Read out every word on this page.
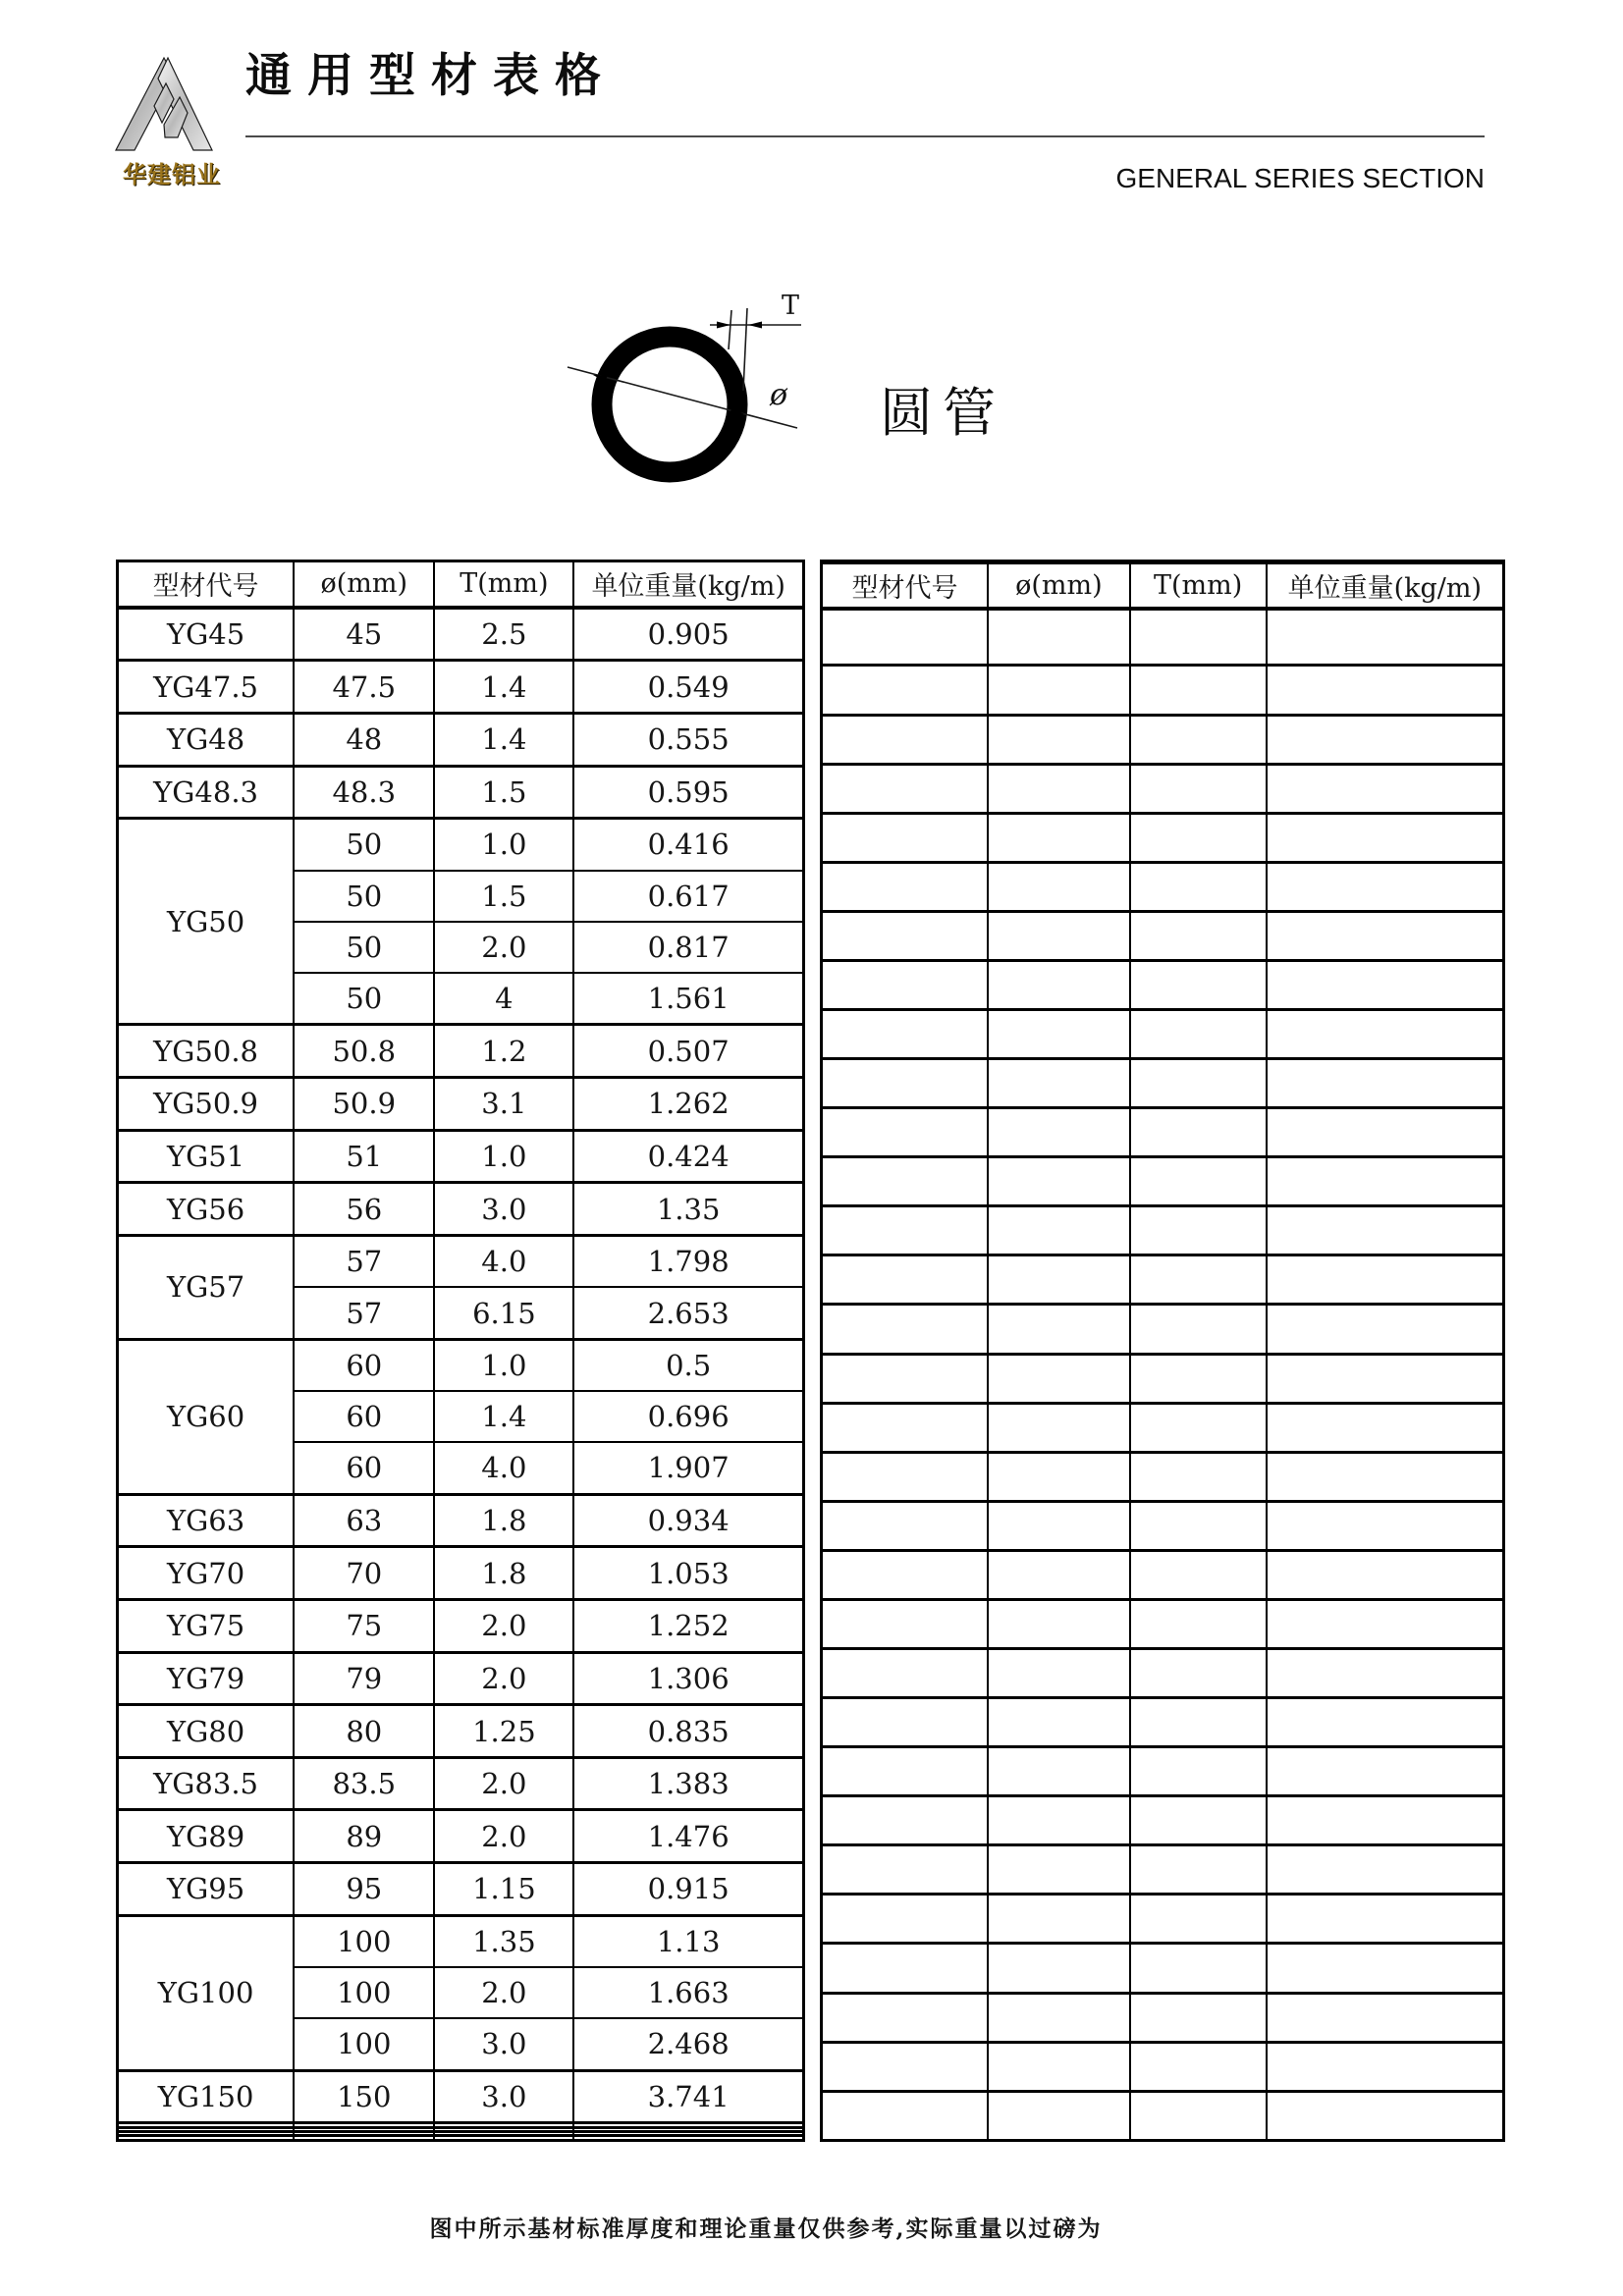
华建铝业
通用型材表格
GENERAL SERIES SECTION
T
ø 圆管
型材代号	ø(mm)	T(mm)	单位重量(kg/m)
YG45	45	2.5	0.905
YG47.5	47.5	1.4	0.549
YG48	48	1.4	0.555
YG48.3	48.3	1.5	0.595
YG50	50	1.0	0.416
	50	1.5	0.617
	50	2.0	0.817
	50	4	1.561
YG50.8	50.8	1.2	0.507
YG50.9	50.9	3.1	1.262
YG51	51	1.0	0.424
YG56	56	3.0	1.35
YG57	57	4.0	1.798
	57	6.15	2.653
YG60	60	1.0	0.5
	60	1.4	0.696
	60	4.0	1.907
YG63	63	1.8	0.934
YG70	70	1.8	1.053
YG75	75	2.0	1.252
YG79	79	2.0	1.306
YG80	80	1.25	0.835
YG83.5	83.5	2.0	1.383
YG89	89	2.0	1.476
YG95	95	1.15	0.915
YG100	100	1.35	1.13
	100	2.0	1.663
	100	3.0	2.468
YG150	150	3.0	3.741

型材代号	ø(mm)	T(mm)	单位重量(kg/m)

图中所示基材标准厚度和理论重量仅供参考,实际重量以过磅为
